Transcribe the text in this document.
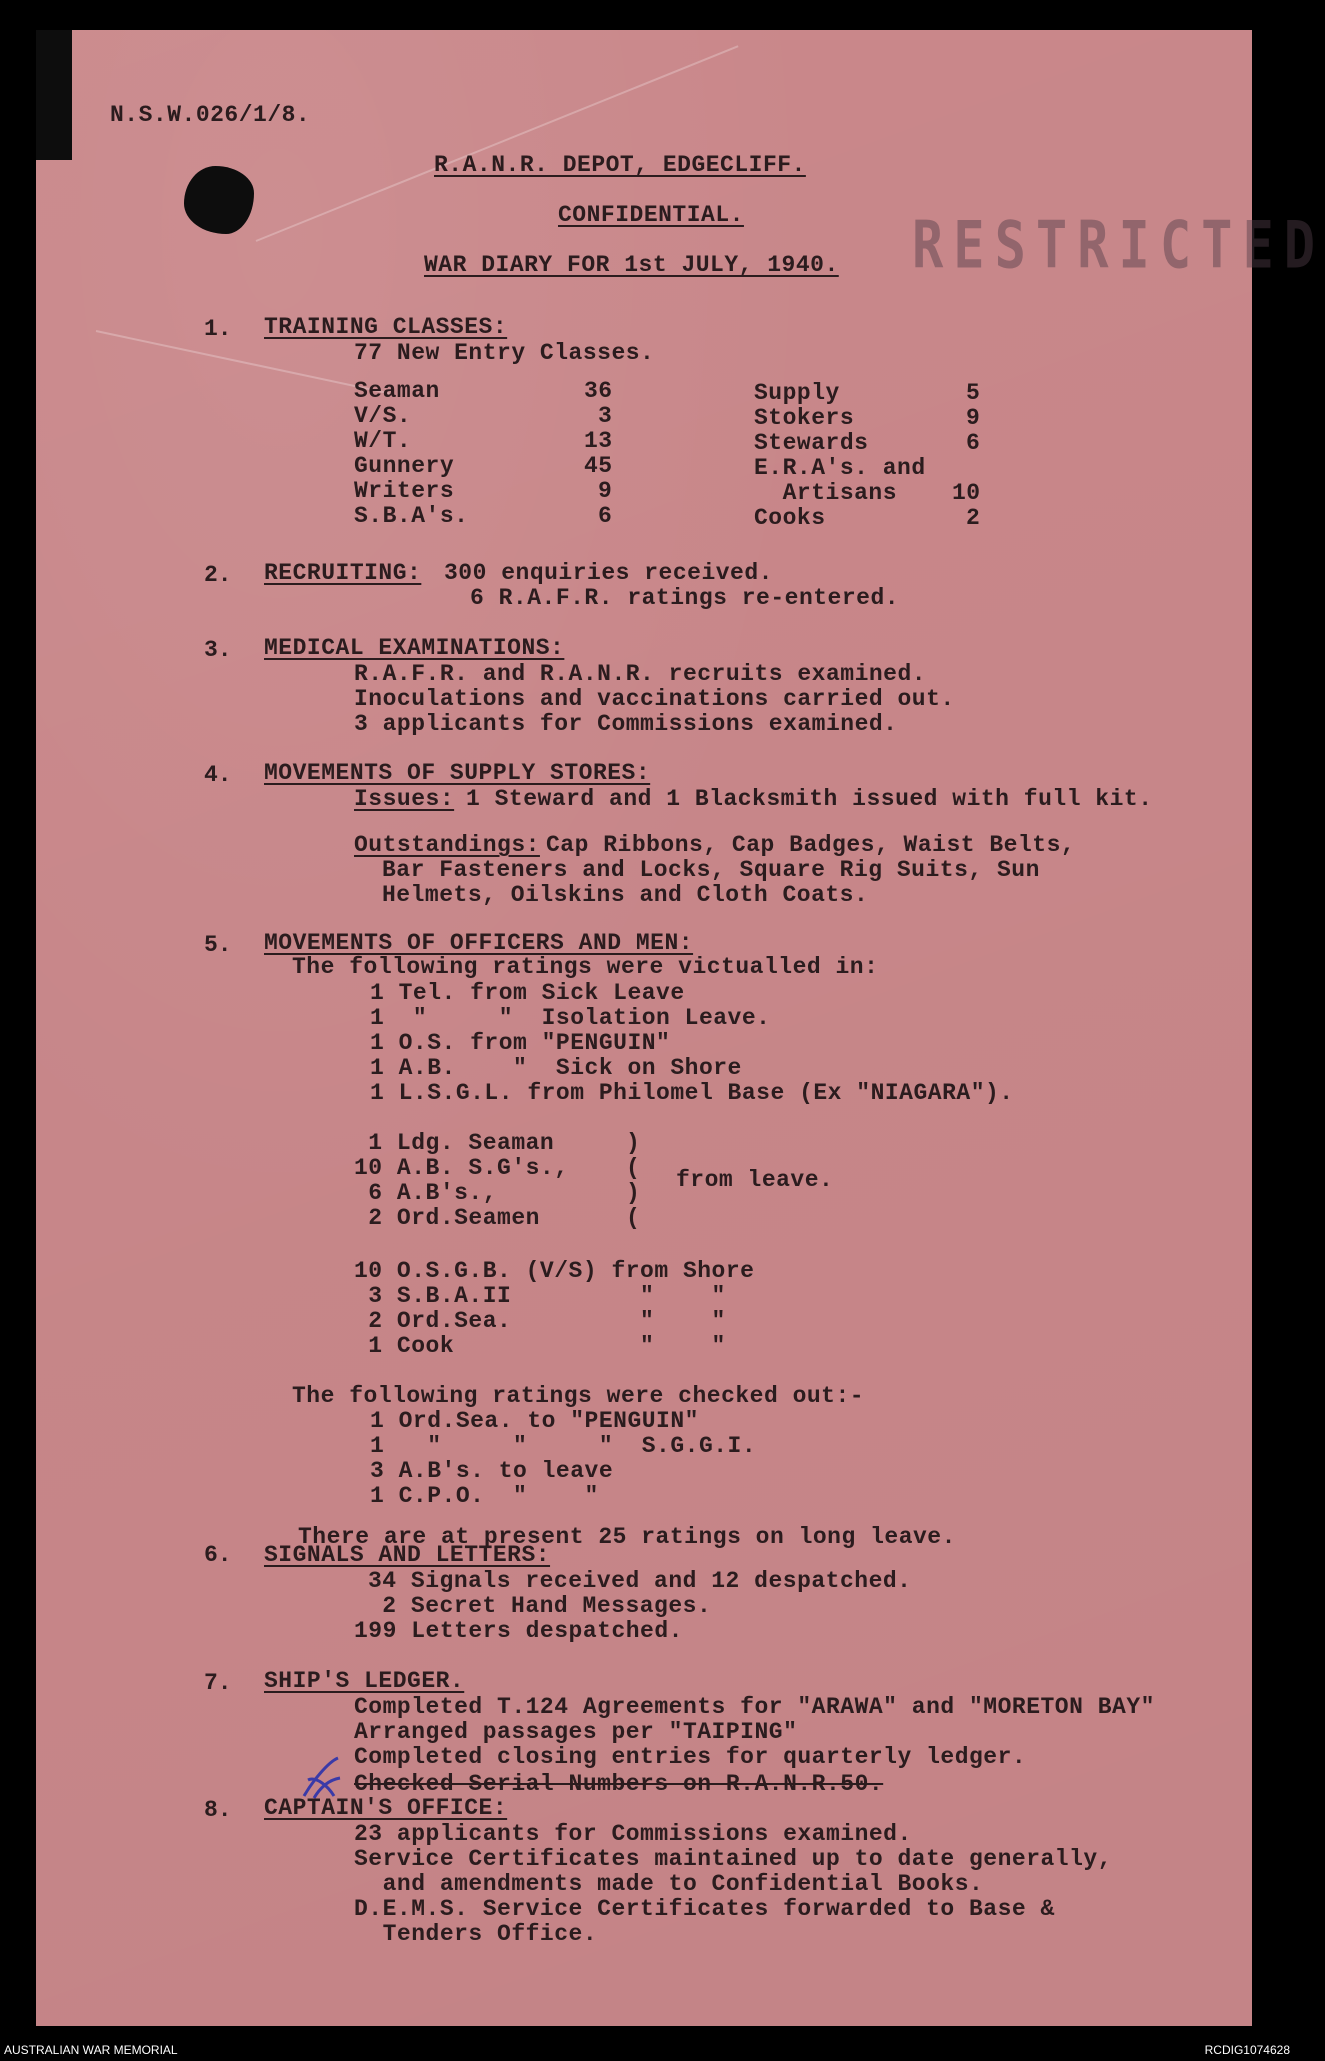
N.S.W.026/1/8.
R.A.N.R. DEPOT, EDGECLIFF.
CONFIDENTIAL.
WAR DIARY FOR 1st JULY, 1940. RESTRICTED
1. TRAINING CLASSES:
77 New Entry Classes.
Seaman	36
V/S.	3
W/T.	13
Gunnery	45
Writers	9
S.B.A's.	6
Supply	5
Stokers	9
Stewards	6
E.R.A's. and
Artisans 10
Cooks	2
2. RECRUITING: 300 enquiries received.
6 R.A.F.R. ratings re-entered.
3. MEDICAL EXAMINATIONS:
R.A.F.R. and R.A.N.R. recruits examined.
Inoculations and vaccinations carried out.
3 applicants for Commissions examined.
4. MOVEMENTS OF SUPPLY STORES:
Issues: 1 Steward and 1 Blacksmith issued with full kit.
Outstandings: Cap Ribbons, Cap Badges, Waist Belts,
Bar Fasteners and Locks, Square Rig Suits, Sun
Helmets, Oilskins and Cloth Coats.
5. MOVEMENTS OF OFFICERS AND MEN:
The following ratings were victualled in:
1 Tel. from Sick Leave
1  "     "  Isolation Leave.
1 O.S. from "PENGUIN"
1 A.B.    "  Sick on Shore
1 L.S.G.L. from Philomel Base (Ex "NIAGARA").
1 Ldg. Seaman
10 A.B. S.G's.,
6 A.B's.,
2 Ord.Seamen
)
(
)
(
from leave.
10 O.S.G.B. (V/S) from Shore
3 S.B.A.II         "    "
2 Ord.Sea.         "    "
1 Cook             "    "
The following ratings were checked out:-
1 Ord.Sea. to "PENGUIN"
1   "     "     "  S.G.G.I.
3 A.B's. to leave
1 C.P.O.  "    "
There are at present 25 ratings on long leave.
6. SIGNALS AND LETTERS:
34 Signals received and 12 despatched.
2 Secret Hand Messages.
199 Letters despatched.
7. SHIP'S LEDGER.
Completed T.124 Agreements for "ARAWA" and "MORETON BAY"
Arranged passages per "TAIPING"
Completed closing entries for quarterly ledger.
Checked Serial Numbers on R.A.N.R.50.
8. CAPTAIN'S OFFICE:
23 applicants for Commissions examined.
Service Certificates maintained up to date generally,
and amendments made to Confidential Books.
D.E.M.S. Service Certificates forwarded to Base &
Tenders Office.
AUSTRALIAN WAR MEMORIAL	RCDIG1074628
